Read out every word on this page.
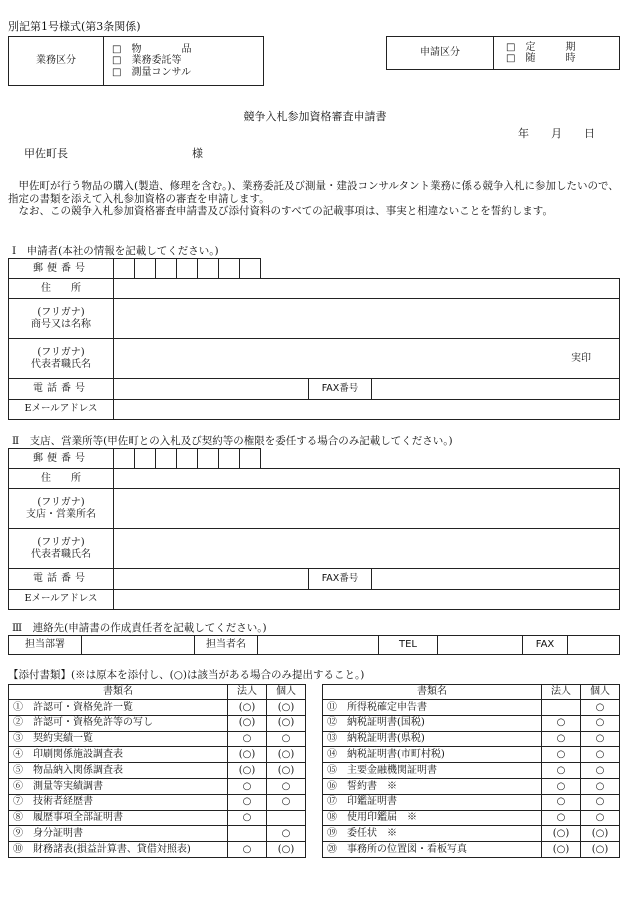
別記第1号様式(第3条関係)
業務区分	
□　物　　　　品
□　業務委託等
□　測量コンサル
申請区分	
□　定　　　期
□　随　　　時
競争入札参加資格審査申請書
年　　月　　日
甲佐町長	様

甲佐町が行う物品の購入(製造、修理を含む。)、業務委託及び測量・建設コンサルタント業務に係る競争入札に参加したいので、指定の書類を添えて入札参加資格の審査を申請します。

なお、この競争入札参加資格審査申請書及び添付資料のすべての記載事項は、事実と相違ないことを誓約します。

Ⅰ　申請者(本社の情報を記載してください。)
郵便番号									
住　　所									

(フリガナ)
商号又は名称									

(フリガナ)
代表者職氏名	実印								
電話番号									FAX番号

Eメールアドレス									
Ⅱ　支店、営業所等(甲佐町との入札及び契約等の権限を委任する場合のみ記載してください。)
郵便番号									
住　　所									

(フリガナ)
支店・営業所名									

(フリガナ)
代表者職氏名									

電話番号									FAX番号

Eメールアドレス									
Ⅲ　連絡先(申請書の作成責任者を記載してください。)
担当部署		担当者名		TEL		FAX	
【添付書類】(※は原本を添付し、(○)は該当がある場合のみ提出すること。)
書類名	法人	個人
①　許認可・資格免許一覧	(○)	(○)
②　許認可・資格免許等の写し	(○)	(○)
③　契約実績一覧	○	○
④　印刷関係施設調査表	(○)	(○)
⑤　物品納入関係調査表	(○)	(○)
⑥　測量等実績調書	○	○
⑦　技術者経歴書	○	○
⑧　履歴事項全部証明書	○	
⑨　身分証明書		○
⑩　財務諸表(損益計算書、貸借対照表)	○	(○)
書類名	法人	個人
⑪　所得税確定申告書		○
⑫　納税証明書(国税)	○	○
⑬　納税証明書(県税)	○	○
⑭　納税証明書(市町村税)	○	○
⑮　主要金融機関証明書	○	○
⑯　誓約書　※	○	○
⑰　印鑑証明書	○	○
⑱　使用印鑑届　※	○	○
⑲　委任状　※	(○)	(○)
⑳　事務所の位置図・看板写真	(○)	(○)
